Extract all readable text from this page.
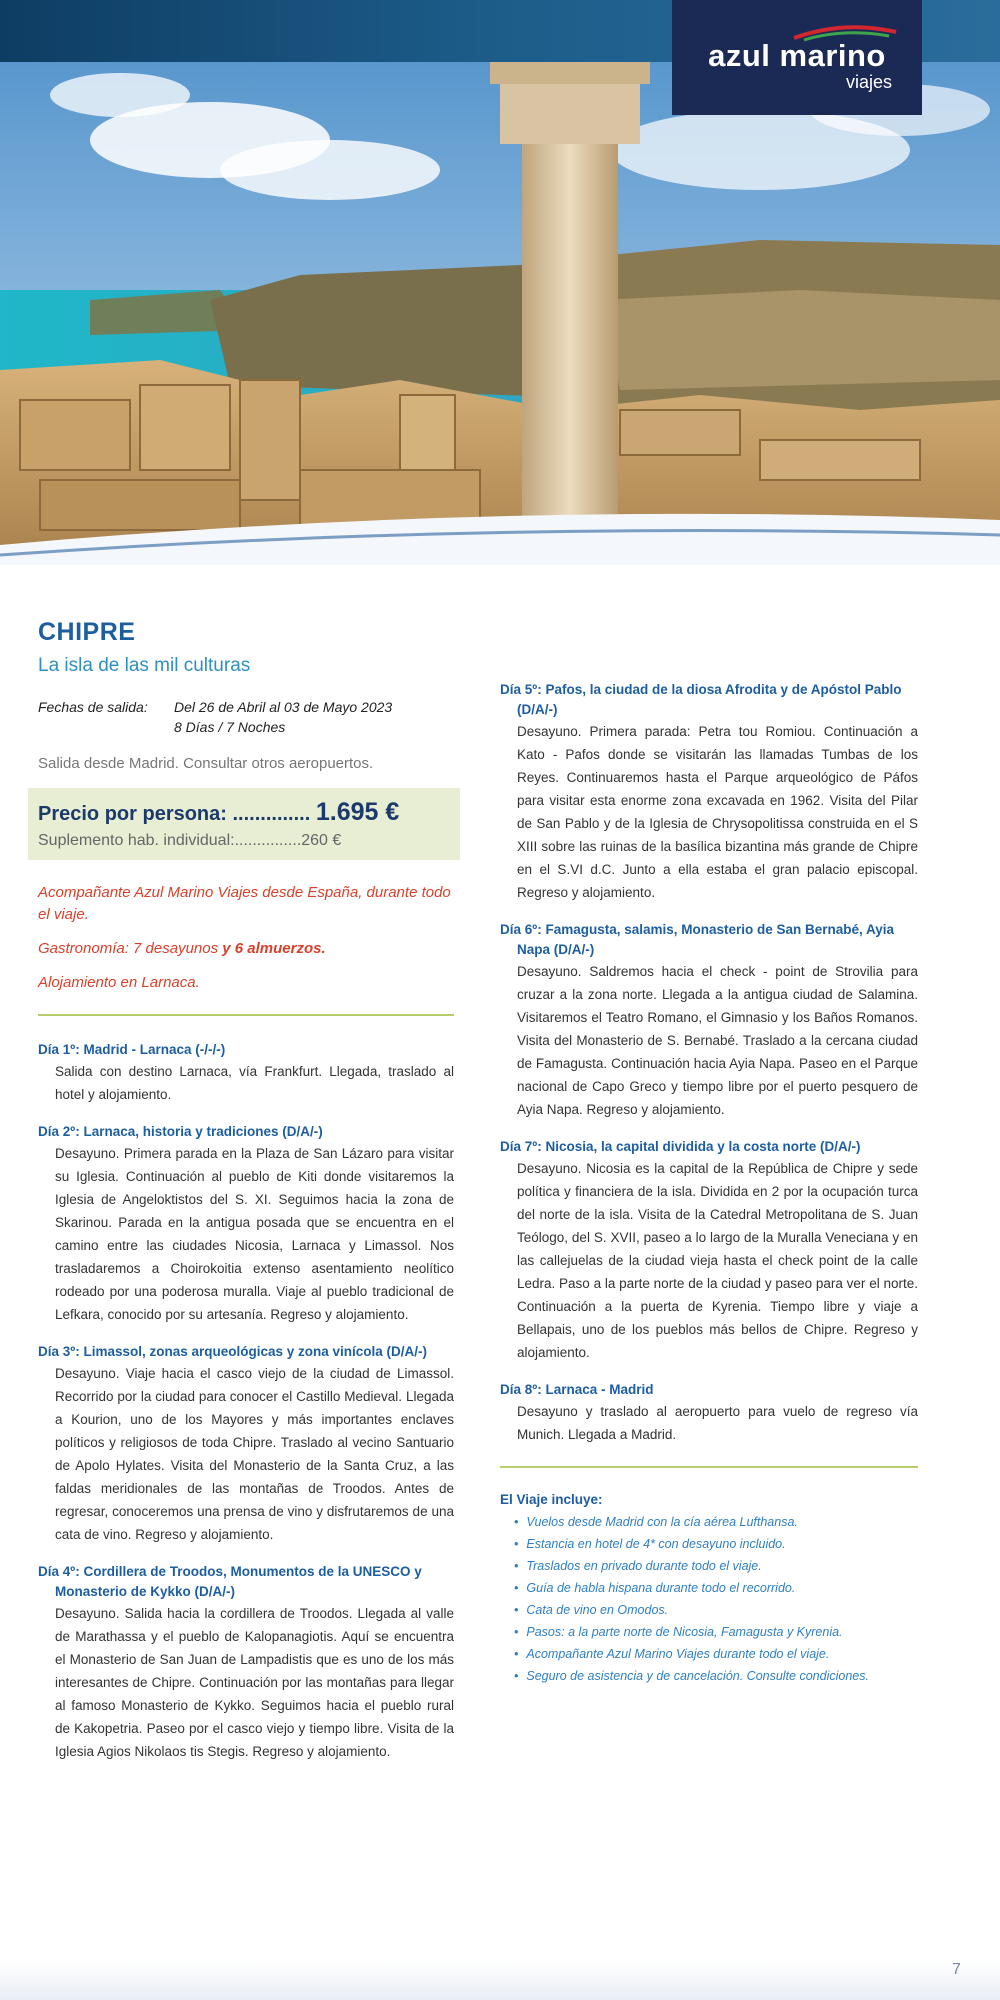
azul marino
viajes
CHIPRE
La isla de las mil culturas
Fechas de salida: Del 26 de Abril al 03 de Mayo 2023
8 Días / 7 Noches
Salida desde Madrid. Consultar otros aeropuertos.
Precio por persona: .............. 1.695 €
Suplemento hab. individual:...............260 €

Acompañante Azul Marino Viajes desde España, durante todo el viaje.

Gastronomía: 7 desayunos y 6 almuerzos.

Alojamiento en Larnaca.

Día 1º: Madrid - Larnaca (-/-/-)
Salida con destino Larnaca, vía Frankfurt. Llegada, traslado al hotel y alojamiento.
Día 2º: Larnaca, historia y tradiciones (D/A/-)
Desayuno. Primera parada en la Plaza de San Lázaro para visitar su Iglesia. Continuación al pueblo de Kiti donde visitaremos la Iglesia de Angeloktistos del S. XI. Seguimos hacia la zona de Skarinou. Parada en la antigua posada que se encuentra en el camino entre las ciudades Nicosia, Larnaca y Limassol. Nos trasladaremos a Choirokoitia extenso asentamiento neolítico rodeado por una poderosa muralla. Viaje al pueblo tradicional de Lefkara, conocido por su artesanía. Regreso y alojamiento.
Día 3º: Limassol, zonas arqueológicas y zona vinícola (D/A/-)
Desayuno. Viaje hacia el casco viejo de la ciudad de Limassol. Recorrido por la ciudad para conocer el Castillo Medieval. Llegada a Kourion, uno de los Mayores y más importantes enclaves políticos y religiosos de toda Chipre. Traslado al vecino Santuario de Apolo Hylates. Visita del Monasterio de la Santa Cruz, a las faldas meridionales de las montañas de Troodos. Antes de regresar, conoceremos una prensa de vino y disfrutaremos de una cata de vino. Regreso y alojamiento.
Día 4º: Cordillera de Troodos, Monumentos de la UNESCO y
Monasterio de Kykko (D/A/-)
Desayuno. Salida hacia la cordillera de Troodos. Llegada al valle de Marathassa y el pueblo de Kalopanagiotis. Aquí se encuentra el Monasterio de San Juan de Lampadistis que es uno de los más interesantes de Chipre. Continuación por las montañas para llegar al famoso Monasterio de Kykko. Seguimos hacia el pueblo rural de Kakopetria. Paseo por el casco viejo y tiempo libre. Visita de la Iglesia Agios Nikolaos tis Stegis. Regreso y alojamiento.
Día 5º: Pafos, la ciudad de la diosa Afrodita y de Apóstol Pablo
(D/A/-)
Desayuno. Primera parada: Petra tou Romiou. Continuación a Kato - Pafos donde se visitarán las llamadas Tumbas de los Reyes. Continuaremos hasta el Parque arqueológico de Páfos para visitar esta enorme zona excavada en 1962. Visita del Pilar de San Pablo y de la Iglesia de Chrysopolitissa construida en el S XIII sobre las ruinas de la basílica bizantina más grande de Chipre en el S.VI d.C. Junto a ella estaba el gran palacio episcopal. Regreso y alojamiento.
Día 6º: Famagusta, salamis, Monasterio de San Bernabé, Ayia
Napa (D/A/-)
Desayuno. Saldremos hacia el check - point de Strovilia para cruzar a la zona norte. Llegada a la antigua ciudad de Salamina. Visitaremos el Teatro Romano, el Gimnasio y los Baños Romanos. Visita del Monasterio de S. Bernabé. Traslado a la cercana ciudad de Famagusta. Continuación hacia Ayia Napa. Paseo en el Parque nacional de Capo Greco y tiempo libre por el puerto pesquero de Ayia Napa. Regreso y alojamiento.
Día 7º: Nicosia, la capital dividida y la costa norte (D/A/-)
Desayuno. Nicosia es la capital de la República de Chipre y sede política y financiera de la isla. Dividida en 2 por la ocupación turca del norte de la isla. Visita de la Catedral Metropolitana de S. Juan Teólogo, del S. XVII, paseo a lo largo de la Muralla Veneciana y en las callejuelas de la ciudad vieja hasta el check point de la calle Ledra. Paso a la parte norte de la ciudad y paseo para ver el norte. Continuación a la puerta de Kyrenia. Tiempo libre y viaje a Bellapais, uno de los pueblos más bellos de Chipre. Regreso y alojamiento.
Día 8º: Larnaca - Madrid
Desayuno y traslado al aeropuerto para vuelo de regreso vía Munich. Llegada a Madrid.
El Viaje incluye:
• Vuelos desde Madrid con la cía aérea Lufthansa.
• Estancia en hotel de 4* con desayuno incluido.
• Traslados en privado durante todo el viaje.
• Guía de habla hispana durante todo el recorrido.
• Cata de vino en Omodos.
• Pasos: a la parte norte de Nicosia, Famagusta y Kyrenia.
• Acompañante Azul Marino Viajes durante todo el viaje.
• Seguro de asistencia y de cancelación. Consulte condiciones.
7
